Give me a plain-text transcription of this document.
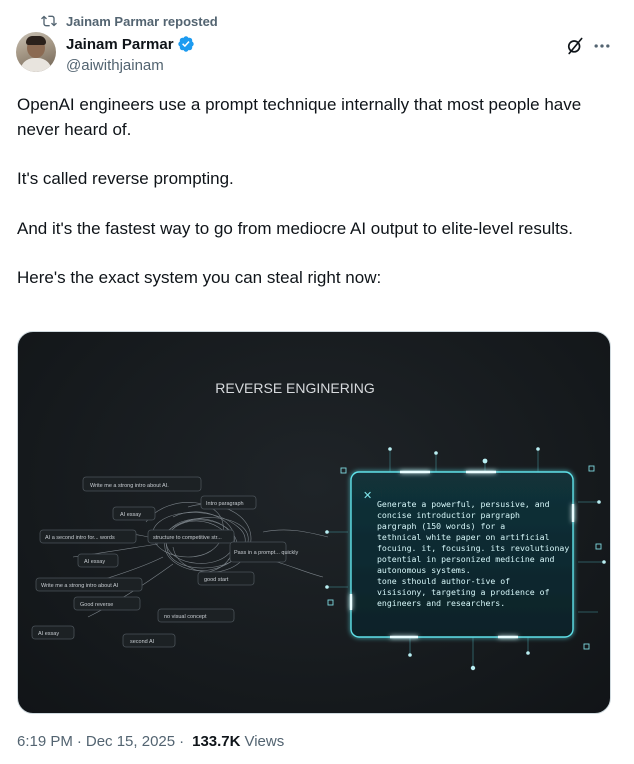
Jainam Parmar reposted
Jainam Parmar
@aiwithjainam

OpenAI engineers use a prompt technique internally that most people have never heard of.

It's called reverse prompting.

And it's the fastest way to go from mediocre AI output to elite-level results.

Here's the exact system you can steal right now:

REVERSE ENGINERING
Write me a strong intro about AI.
AI essay
Intro paragraph
AI a second intro for... words	structure to competitive str...
AI essay
Pass in a prompt... quickly
Write me a strong intro about AI
good start
Good reverse
no visual concept
AI essay
second AI
✕
Generate a powerful, persusive, and
concise introductior pargraph
pargraph (150 words) for a
tethnical white paper on artificial
focuing. it, focusing. its revolutionay
potential in personized medicine and
autonomous systems.
tone sthould author-tive of
visisiony, targeting a prodience of
engineers and researchers.
6:19 PM · Dec 15, 2025 · 133.7K Views
